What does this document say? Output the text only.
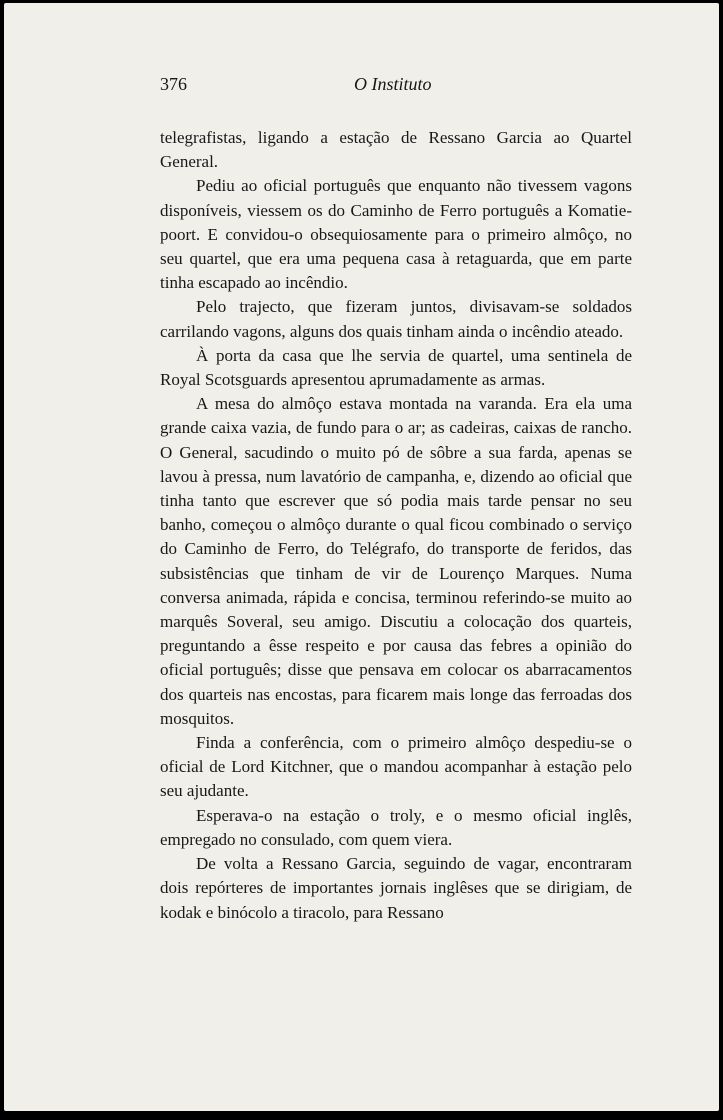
376	O Instituto

telegrafistas, ligando a estação de Ressano Garcia ao Quartel General.

Pediu ao oficial português que enquanto não tivessem vagons disponíveis, viessem os do Caminho de Ferro português a Komatie-poort. E convidou-o obsequiosamente para o primeiro almôço, no seu quartel, que era uma pequena casa à retaguarda, que em parte tinha escapado ao incêndio.

Pelo trajecto, que fizeram juntos, divisavam-se soldados carrilando vagons, alguns dos quais tinham ainda o incêndio ateado.

À porta da casa que lhe servia de quartel, uma sentinela de Royal Scotsguards apresentou aprumadamente as armas.

A mesa do almôço estava montada na varanda. Era ela uma grande caixa vazia, de fundo para o ar; as cadeiras, caixas de rancho. O General, sacudindo o muito pó de sôbre a sua farda, apenas se lavou à pressa, num lavatório de campanha, e, dizendo ao oficial que tinha tanto que escrever que só podia mais tarde pensar no seu banho, começou o almôço durante o qual ficou combinado o serviço do Caminho de Ferro, do Telégrafo, do transporte de feridos, das subsistências que tinham de vir de Lourenço Marques. Numa conversa animada, rápida e concisa, terminou referindo-se muito ao marquês Soveral, seu amigo. Discutiu a colocação dos quarteis, preguntando a êsse respeito e por causa das febres a opinião do oficial português; disse que pensava em colocar os abarracamentos dos quarteis nas encostas, para ficarem mais longe das ferroadas dos mosquitos.

Finda a conferência, com o primeiro almôço despediu-se o oficial de Lord Kitchner, que o mandou acompanhar à estação pelo seu ajudante.

Esperava-o na estação o troly, e o mesmo oficial inglês, empregado no consulado, com quem viera.

De volta a Ressano Garcia, seguindo de vagar, encontraram dois repórteres de importantes jornais inglêses que se dirigiam, de kodak e binócolo a tiracolo, para Ressano
